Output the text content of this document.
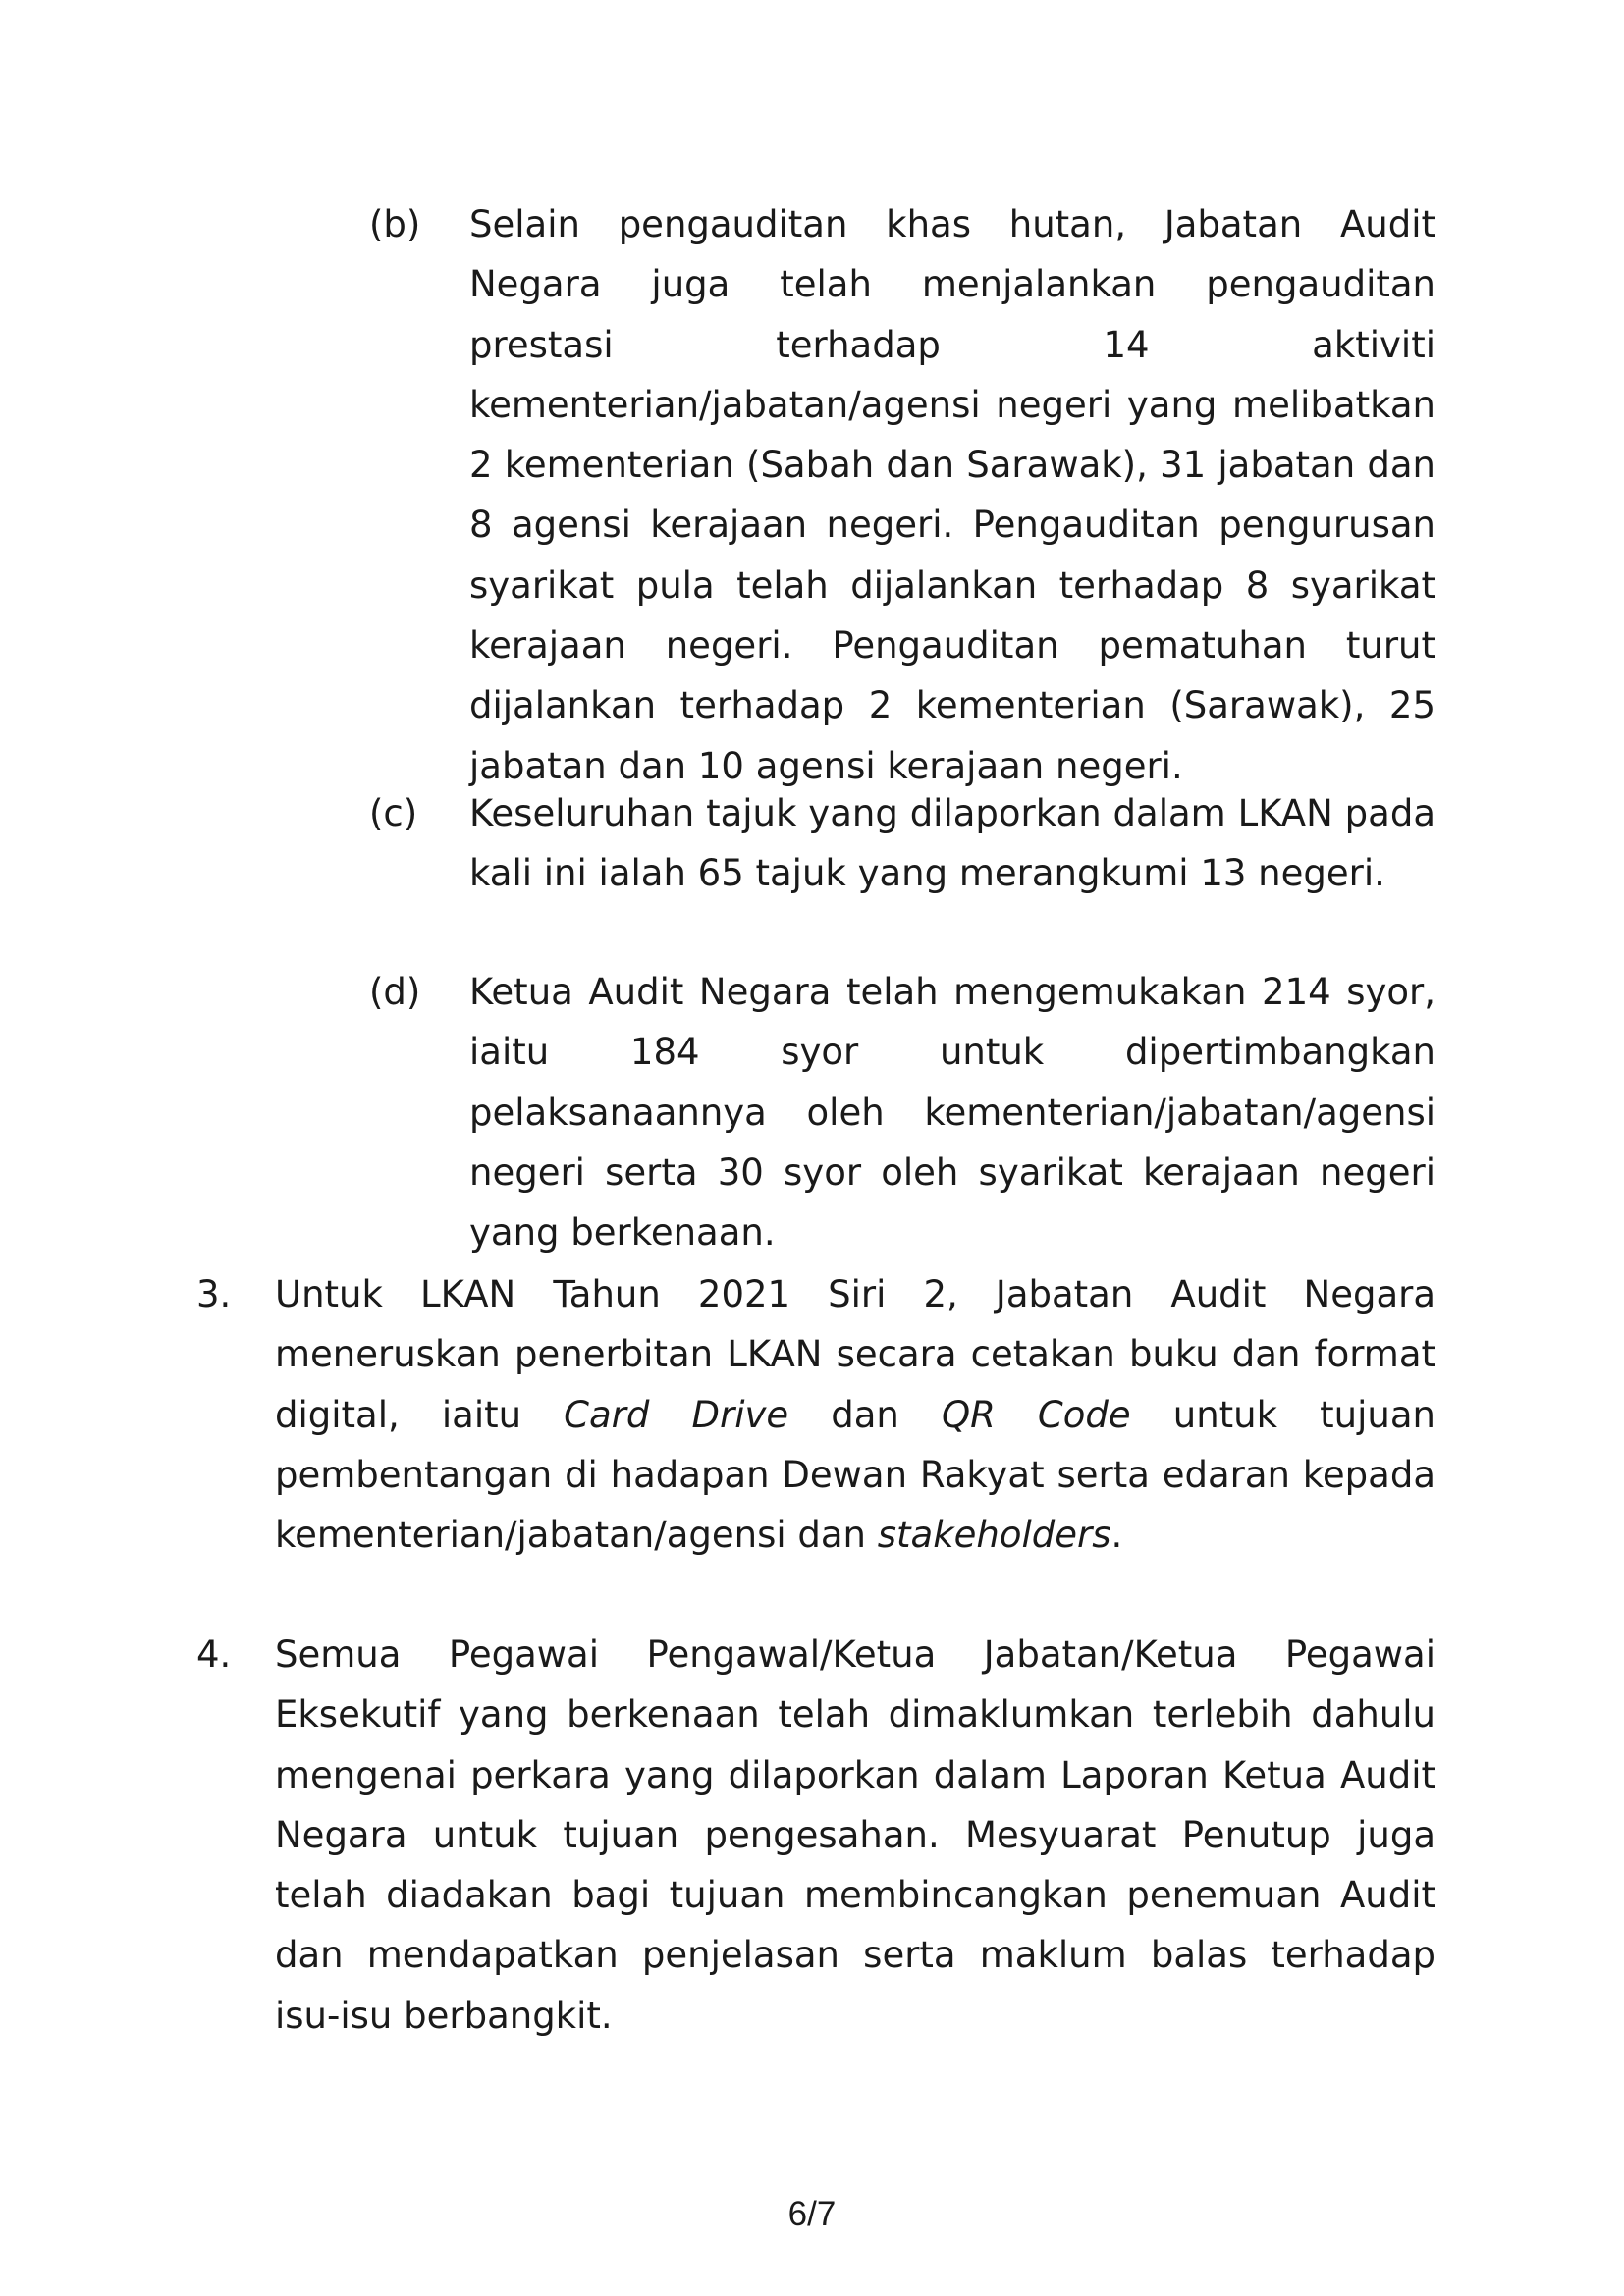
(b) Selain pengauditan khas hutan, Jabatan Audit Negara juga telah menjalankan pengauditan prestasi terhadap 14 aktiviti kementerian/jabatan/agensi negeri yang melibatkan 2 kementerian (Sabah dan Sarawak), 31 jabatan dan 8 agensi kerajaan negeri. Pengauditan pengurusan syarikat pula telah dijalankan terhadap 8 syarikat kerajaan negeri. Pengauditan pematuhan turut dijalankan terhadap 2 kementerian (Sarawak), 25 jabatan dan 10 agensi kerajaan negeri.
(c) Keseluruhan tajuk yang dilaporkan dalam LKAN pada kali ini ialah 65 tajuk yang merangkumi 13 negeri.
(d) Ketua Audit Negara telah mengemukakan 214 syor, iaitu 184 syor untuk dipertimbangkan pelaksanaannya oleh kementerian/jabatan/agensi negeri serta 30 syor oleh syarikat kerajaan negeri yang berkenaan.
3. Untuk LKAN Tahun 2021 Siri 2, Jabatan Audit Negara meneruskan penerbitan LKAN secara cetakan buku dan format digital, iaitu Card Drive dan QR Code untuk tujuan pembentangan di hadapan Dewan Rakyat serta edaran kepada kementerian/jabatan/agensi dan stakeholders.
4. Semua Pegawai Pengawal/Ketua Jabatan/Ketua Pegawai Eksekutif yang berkenaan telah dimaklumkan terlebih dahulu mengenai perkara yang dilaporkan dalam Laporan Ketua Audit Negara untuk tujuan pengesahan. Mesyuarat Penutup juga telah diadakan bagi tujuan membincangkan penemuan Audit dan mendapatkan penjelasan serta maklum balas terhadap isu-isu berbangkit.
6/7
